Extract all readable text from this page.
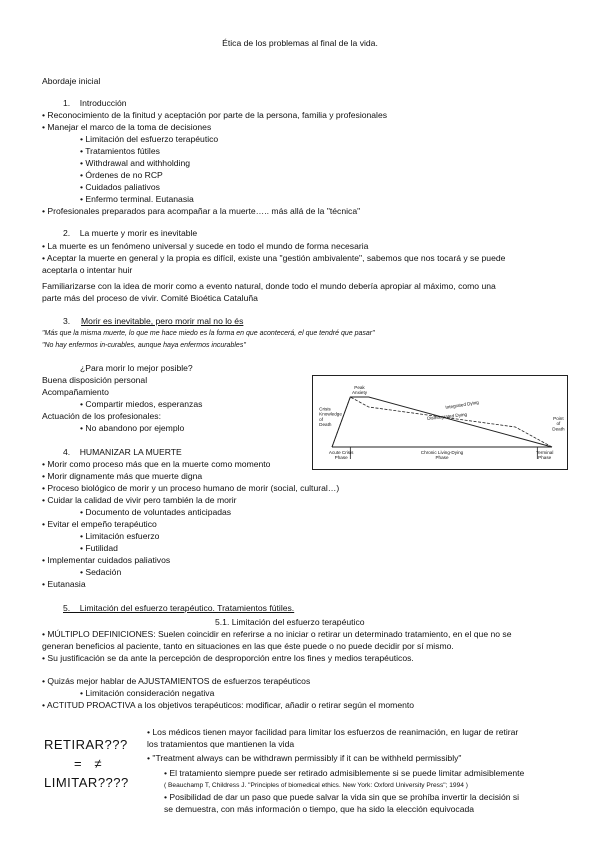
Ética de los problemas al final de la vida.
Abordaje inicial
1.    Introducción
• Reconocimiento de la finitud y aceptación por parte de la persona, familia y profesionales
• Manejar el marco de la toma de decisiones
• Limitación del esfuerzo terapéutico
• Tratamientos fútiles
• Withdrawal and withholding
• Órdenes de no RCP
• Cuidados paliativos
• Enfermo terminal. Eutanasia
• Profesionales preparados para acompañar a la muerte….. más allá de la "técnica"
2.    La muerte y morir es inevitable
• La muerte es un fenómeno universal y sucede en todo el mundo de forma necesaria
• Aceptar la muerte en general y la propia es difícil, existe una "gestión ambivalente", sabemos que nos tocará y se puede
aceptarla o intentar huir
Familiarizarse con la idea de morir como a evento natural, donde todo el mundo debería apropiar al máximo, como una
parte más del proceso de vivir. Comité Bioética Cataluña
3. Morir es inevitable, pero morir mal no lo és
"Más que la misma muerte, lo que me hace miedo es la forma en que acontecerá, el que tendré que pasar"
"No hay enfermos in-curables, aunque haya enfermos incurables"
¿Para morir lo mejor posible?
Buena disposición personal
Acompañamiento
• Compartir miedos, esperanzas
Actuación de los profesionales:
• No abandono por ejemplo
Integrated Dying
Disintegrated Dying
Peak Anxiety
Crisis Knowledge of Death
Point of Death
Acute Crisis Phase
Chronic Living-Dying Phase
Terminal Phase
4.    HUMANIZAR LA MUERTE
• Morir como proceso más que en la muerte como momento
• Morir dignamente más que muerte digna
• Proceso biológico de morir y un proceso humano de morir (social, cultural…)
• Cuidar la calidad de vivir pero también la de morir
• Documento de voluntades anticipadas
• Evitar el empeño terapéutico
• Limitación esfuerzo
• Futilidad
• Implementar cuidados paliativos
• Sedación
• Eutanasia
5.    Limitación del esfuerzo terapéutico. Tratamientos fútiles.
5.1. Limitación del esfuerzo terapéutico
• MÚLTIPLO DEFINICIONES: Suelen coincidir en referirse a no iniciar o retirar un determinado tratamiento, en el que no se
generan beneficios al paciente, tanto en situaciones en las que éste puede o no puede decidir por sí mismo.
• Su justificación se da ante la percepción de desproporción entre los fines y medios terapéuticos.
• Quizás mejor hablar de AJUSTAMIENTOS de esfuerzos terapéuticos
• Limitación consideración negativa
• ACTITUD PROACTIVA a los objetivos terapéuticos: modificar, añadir o retirar según el momento
RETIRAR???
=   ≠
LIMITAR????
• Los médicos tienen mayor facilidad para limitar los esfuerzos de reanimación, en lugar de retirar
los tratamientos que mantienen la vida
• "Treatment always can be withdrawn permissibly if it can be withheld permissibly"
• El tratamiento siempre puede ser retirado admisiblemente si se puede limitar admisiblemente
( Beauchamp T, Childress J. "Principles of biomedical ethics. New York: Oxford University Press"; 1994 )
• Posibilidad de dar un paso que puede salvar la vida sin que se prohíba invertir la decisión si
se demuestra, con más información o tiempo, que ha sido la elección equivocada
